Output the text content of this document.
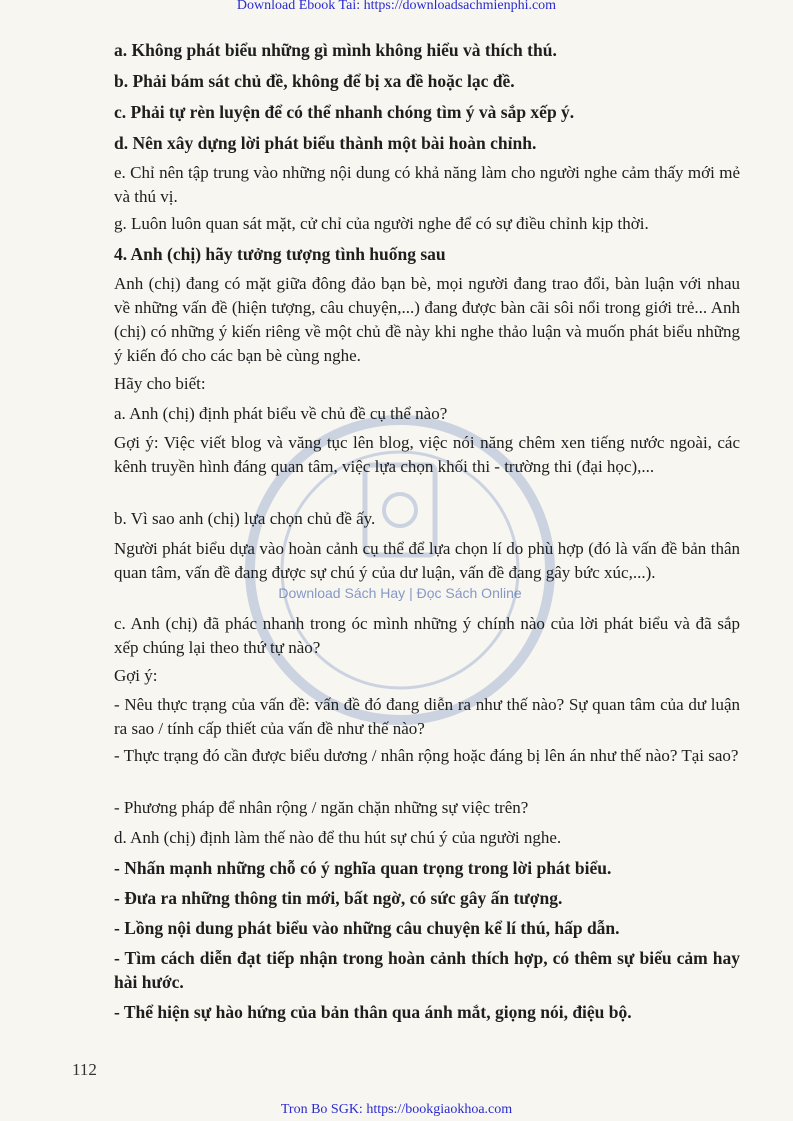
Download Ebook Tai: https://downloadsachmienphi.com
Download Sách Hay | Đọc Sách Online

a. Không phát biểu những gì mình không hiểu và thích thú.

b. Phải bám sát chủ đề, không để bị xa đề hoặc lạc đề.

c. Phải tự rèn luyện để có thể nhanh chóng tìm ý và sắp xếp ý.

d. Nên xây dựng lời phát biểu thành một bài hoàn chỉnh.

e. Chỉ nên tập trung vào những nội dung có khả năng làm cho người nghe cảm thấy mới mẻ và thú vị.

g. Luôn luôn quan sát mặt, cử chỉ của người nghe để có sự điều chỉnh kịp thời.

4. Anh (chị) hãy tưởng tượng tình huống sau

Anh (chị) đang có mặt giữa đông đảo bạn bè, mọi người đang trao đổi, bàn luận với nhau về những vấn đề (hiện tượng, câu chuyện,...) đang được bàn cãi sôi nổi trong giới trẻ... Anh (chị) có những ý kiến riêng về một chủ đề này khi nghe thảo luận và muốn phát biểu những ý kiến đó cho các bạn bè cùng nghe.

Hãy cho biết:

a. Anh (chị) định phát biểu về chủ đề cụ thể nào?

Gợi ý: Việc viết blog và văng tục lên blog, việc nói năng chêm xen tiếng nước ngoài, các kênh truyền hình đáng quan tâm, việc lựa chọn khối thi - trường thi (đại học),...

b. Vì sao anh (chị) lựa chọn chủ đề ấy.

Người phát biểu dựa vào hoàn cảnh cụ thể để lựa chọn lí do phù hợp (đó là vấn đề bản thân quan tâm, vấn đề đang được sự chú ý của dư luận, vấn đề đang gây bức xúc,...).

c. Anh (chị) đã phác nhanh trong óc mình những ý chính nào của lời phát biểu và đã sắp xếp chúng lại theo thứ tự nào?

Gợi ý:

- Nêu thực trạng của vấn đề: vấn đề đó đang diễn ra như thế nào? Sự quan tâm của dư luận ra sao / tính cấp thiết của vấn đề như thế nào?

- Thực trạng đó cần được biểu dương / nhân rộng hoặc đáng bị lên án như thế nào? Tại sao?

- Phương pháp để nhân rộng / ngăn chặn những sự việc trên?

d. Anh (chị) định làm thế nào để thu hút sự chú ý của người nghe.

- Nhấn mạnh những chỗ có ý nghĩa quan trọng trong lời phát biểu.

- Đưa ra những thông tin mới, bất ngờ, có sức gây ấn tượng.

- Lồng nội dung phát biểu vào những câu chuyện kể lí thú, hấp dẫn.

- Tìm cách diễn đạt tiếp nhận trong hoàn cảnh thích hợp, có thêm sự biểu cảm hay hài hước.

- Thể hiện sự hào hứng của bản thân qua ánh mắt, giọng nói, điệu bộ.

112
Tron Bo SGK: https://bookgiaokhoa.com
